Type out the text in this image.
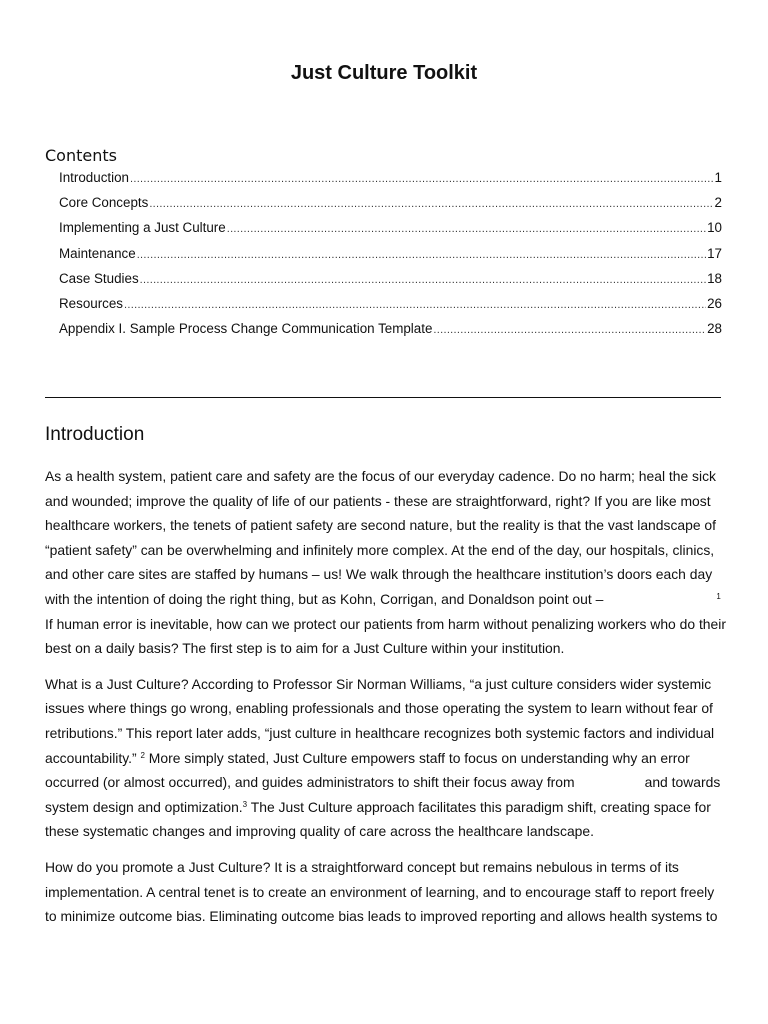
Just Culture Toolkit
Contents
Introduction .....	1
Core Concepts .....	2
Implementing a Just Culture .....	10
Maintenance .....	17
Case Studies .....	18
Resources .....	26
Appendix I. Sample Process Change Communication Template .....	28
Introduction

As a health system, patient care and safety are the focus of our everyday cadence. Do no harm; heal the sick
and wounded; improve the quality of life of our patients - these are straightforward, right? If you are like most
healthcare workers, the tenets of patient safety are second nature, but the reality is that the vast landscape of
“patient safety” can be overwhelming and infinitely more complex. At the end of the day, our hospitals, clinics,
and other care sites are staffed by humans – us! We walk through the healthcare institution’s doors each day
with the intention of doing the right thing, but as Kohn, Corrigan, and Donaldson point out –	$^1$
If human error is inevitable, how can we protect our patients from harm without penalizing workers who do their
best on a daily basis? The first step is to aim for a Just Culture within your institution.

What is a Just Culture? According to Professor Sir Norman Williams, “a just culture considers wider systemic
issues where things go wrong, enabling professionals and those operating the system to learn without fear of
retributions.” This report later adds, “just culture in healthcare recognizes both systemic factors and individual
accountability.” $^2$ More simply stated, Just Culture empowers staff to focus on understanding why an error
occurred (or almost occurred), and guides administrators to shift their focus away from	and towards
system design and optimization.$^3$ The Just Culture approach facilitates this paradigm shift, creating space for
these systematic changes and improving quality of care across the healthcare landscape.

How do you promote a Just Culture? It is a straightforward concept but remains nebulous in terms of its
implementation. A central tenet is to create an environment of learning, and to encourage staff to report freely
to minimize outcome bias. Eliminating outcome bias leads to improved reporting and allows health systems to
